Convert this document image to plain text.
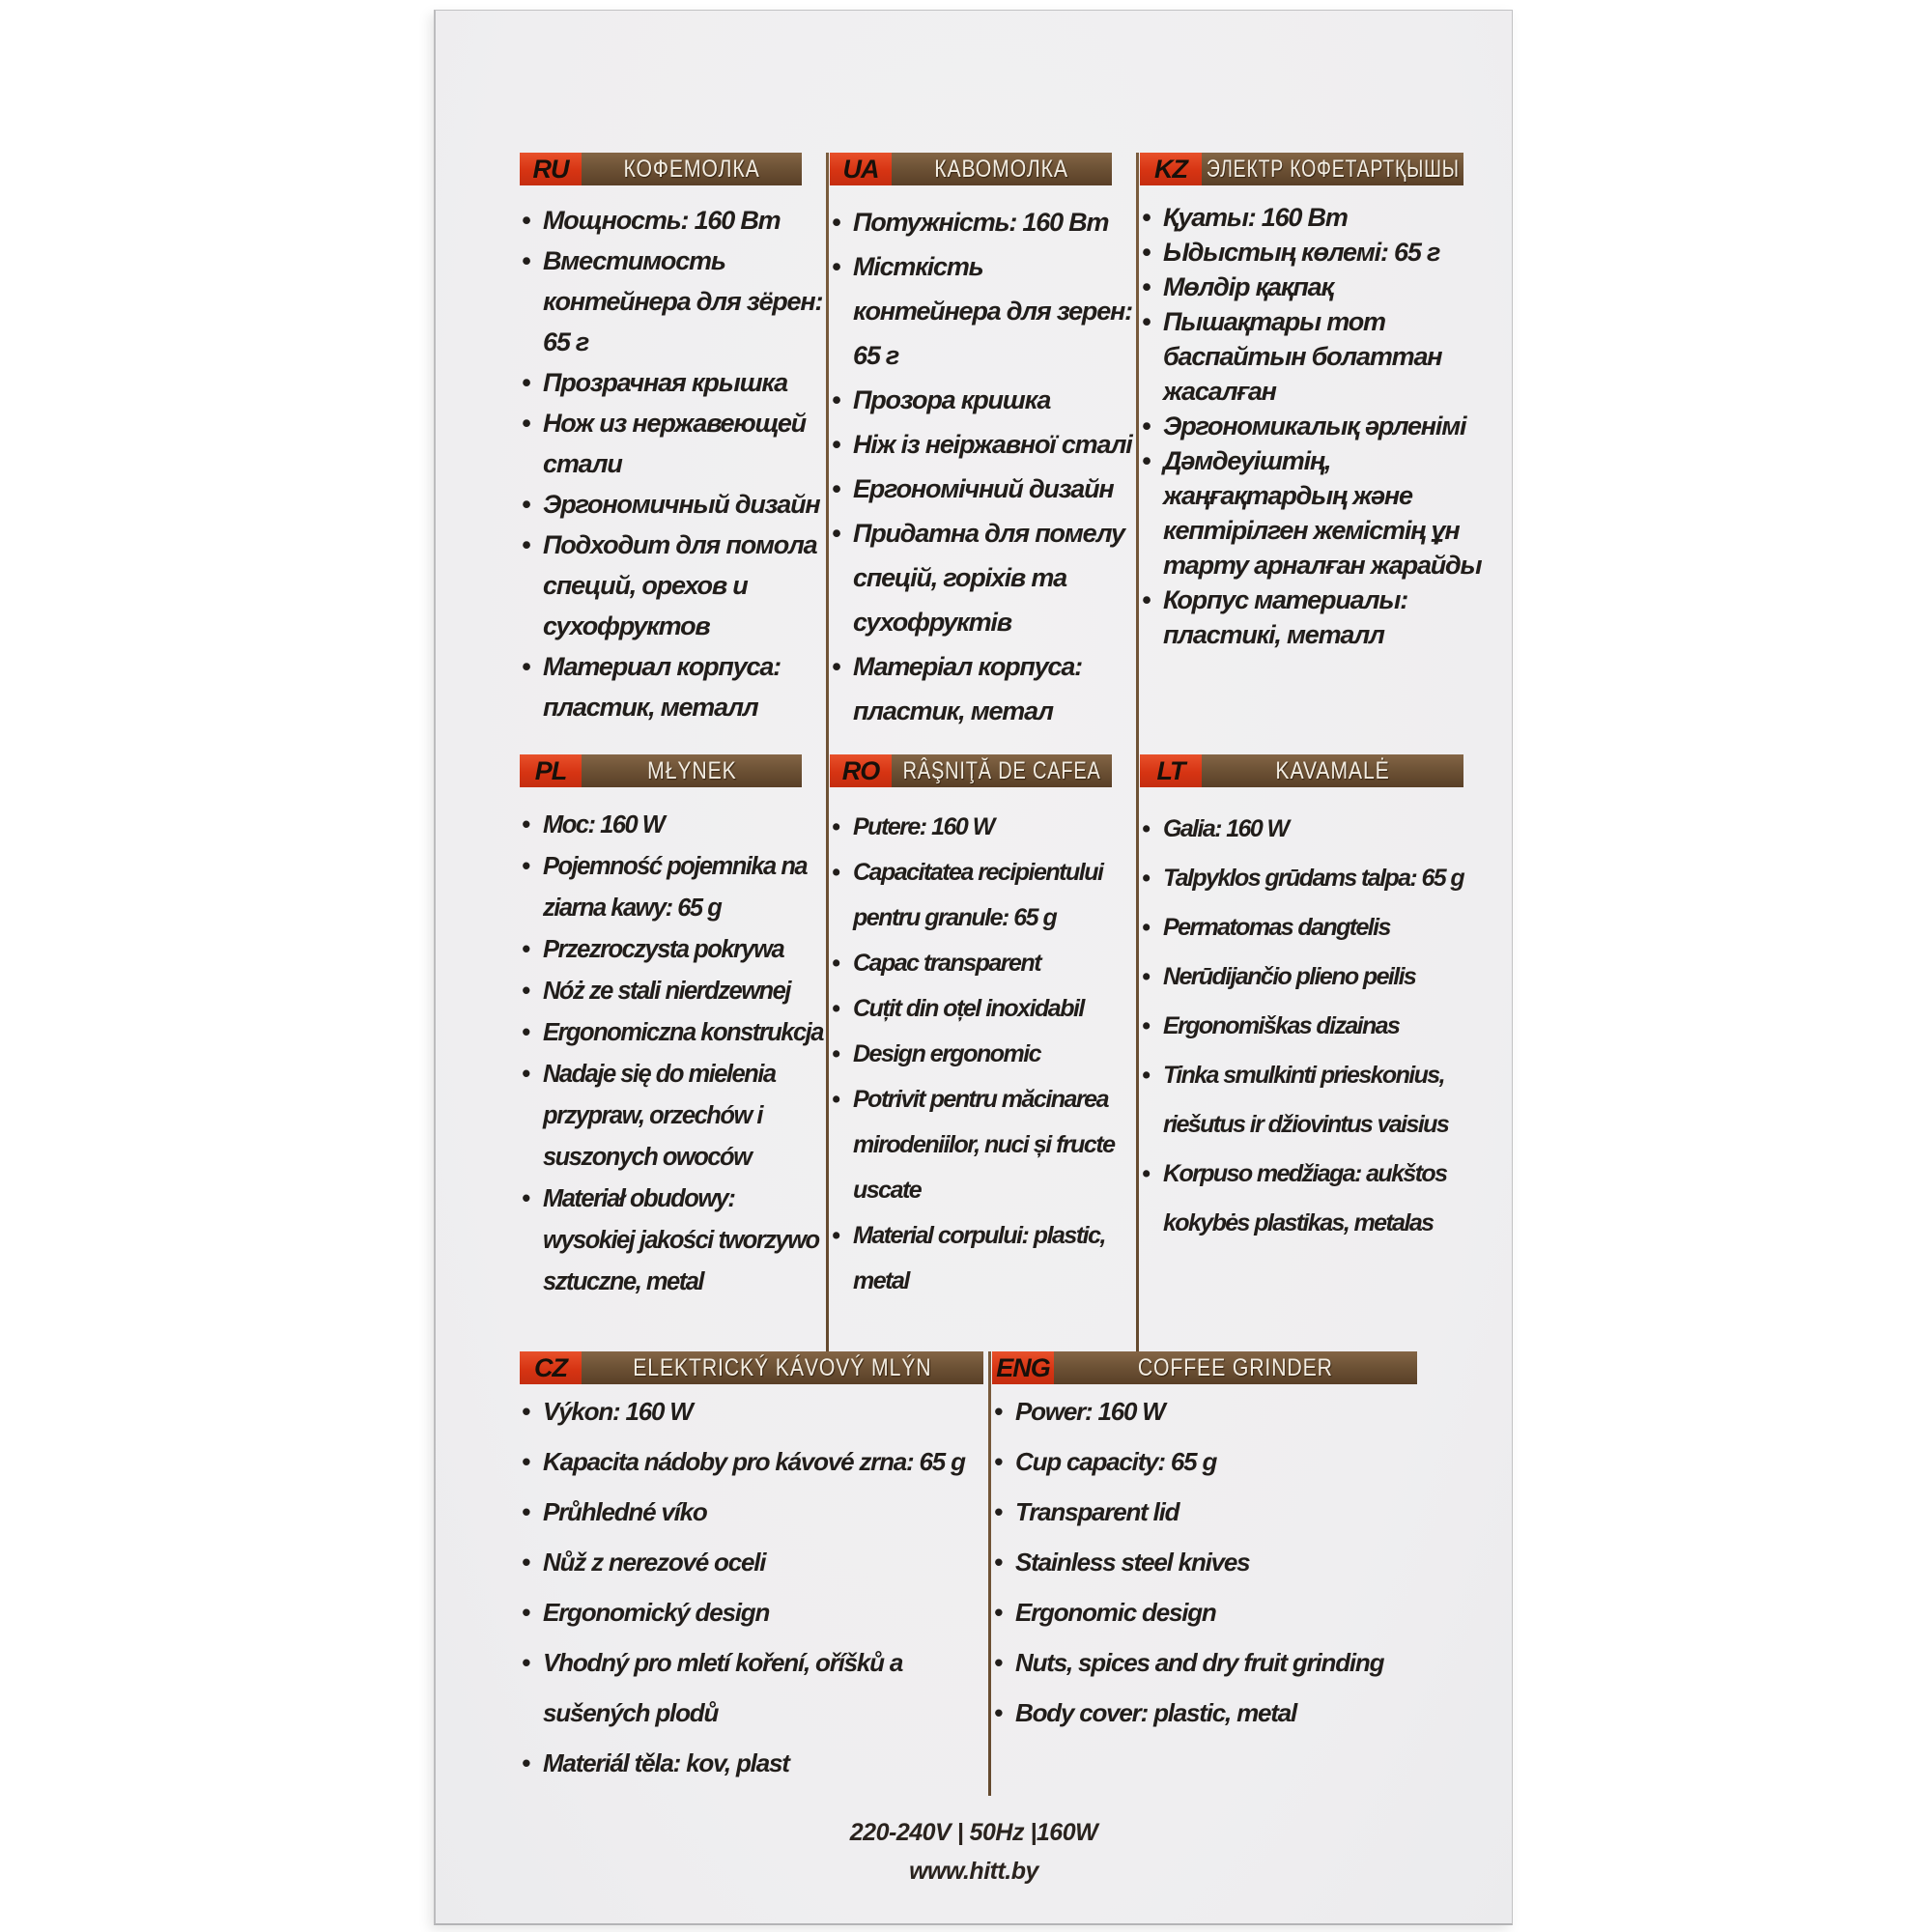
RU	КОФЕМОЛКА
• Мощность: 160 Вт
• Вместимость контейнера для зёрен: 65 г
• Прозрачная крышка
• Нож из нержавеющей стали
• Эргономичный дизайн
• Подходит для помола специй, орехов и сухофруктов
• Материал корпуса: пластик, металл
UA	КАВОМОЛКА
• Потужність: 160 Вт
• Місткість контейнера для зерен: 65 г
• Прозора кришка
• Ніж із неіржавної сталі
• Ергономічний дизайн
• Придатна для помелу спецій, горіхів та сухофруктів
• Матеріал корпуса: пластик, метал
KZ ЭЛЕКТР КОФЕТАРТҚЫШЫ
• Қуаты: 160 Вт
• Ыдыстың көлемі: 65 г
• Мөлдір қақпақ
• Пышақтары тот баспайтын болаттан жасалған
• Эргономикалық әрленімі
• Дәмдеуіштің, жаңғақтардың және кептірілген жемістің ұн тарту арналған жарайды
• Корпус материалы: пластикі, металл
PL	MŁYNEK
• Moc: 160 W
• Pojemność pojemnika na ziarna kawy: 65 g
• Przezroczysta pokrywa
• Nóż ze stali nierdzewnej
• Ergonomiczna konstrukcja
• Nadaje się do mielenia przypraw, orzechów i suszonych owoców
• Materiał obudowy: wysokiej jakości tworzywo sztuczne, metal
RO RÂŞNIŢĂ DE CAFEA
• Putere: 160 W
• Capacitatea recipientului pentru granule: 65 g
• Capac transparent
• Cuțit din oțel inoxidabil
• Design ergonomic
• Potrivit pentru măcinarea mirodeniilor, nuci și fructe uscate
• Material corpului: plastic, metal
LT	KAVAMALĖ
• Galia: 160 W
• Talpyklos grūdams talpa: 65 g
• Permatomas dangtelis
• Nerūdijančio plieno peilis
• Ergonomiškas dizainas
• Tinka smulkinti prieskonius, riešutus ir džiovintus vaisius
• Korpuso medžiaga: aukštos kokybės plastikas, metalas
CZ	ELEKTRICKÝ KÁVOVÝ MLÝN
• Výkon: 160 W
• Kapacita nádoby pro kávové zrna: 65 g
• Průhledné víko
• Nůž z nerezové oceli
• Ergonomický design
• Vhodný pro mletí koření, oříšků a sušených plodů
• Materiál těla: kov, plast
ENG	COFFEE GRINDER
• Power: 160 W
• Cup capacity: 65 g
• Transparent lid
• Stainless steel knives
• Ergonomic design
• Nuts, spices and dry fruit grinding
• Body cover: plastic, metal
220-240V | 50Hz |160W
www.hitt.by
